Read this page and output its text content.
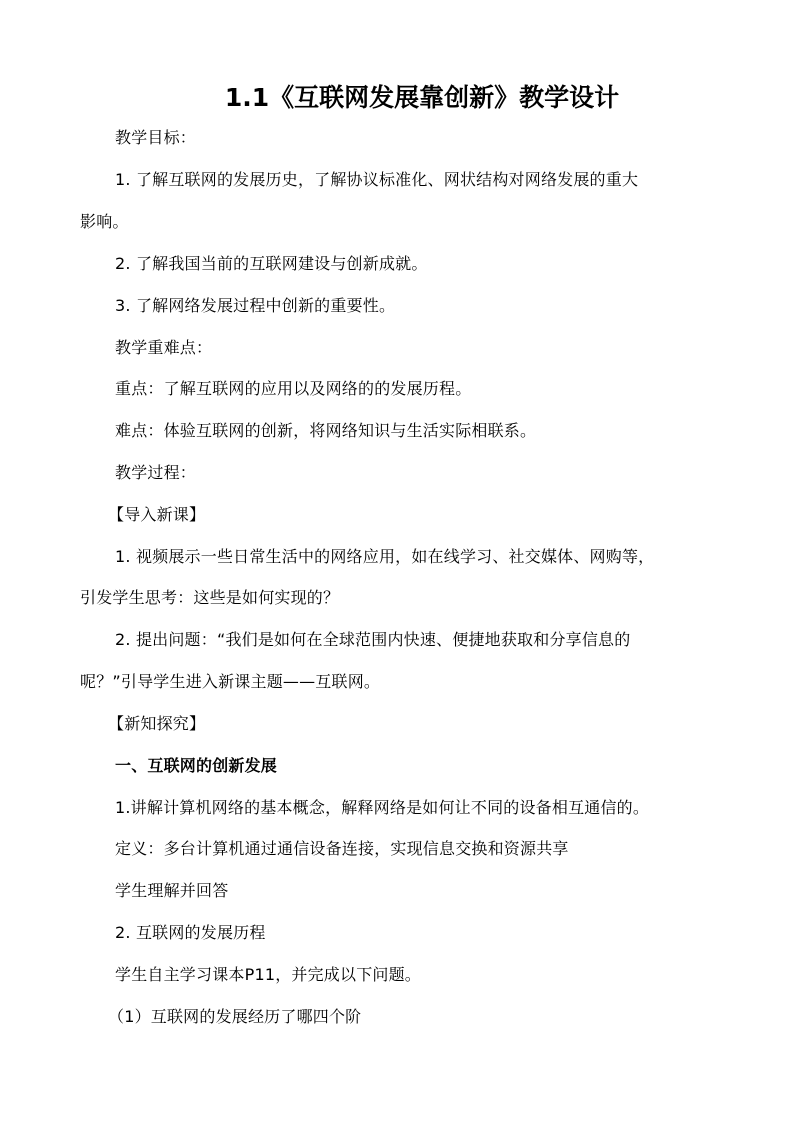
1.1《互联网发展靠创新》教学设计
教学目标：
1. 了解互联网的发展历史，了解协议标准化、网状结构对网络发展的重大
影响。
2. 了解我国当前的互联网建设与创新成就。
3. 了解网络发展过程中创新的重要性。
教学重难点：
重点：了解互联网的应用以及网络的的发展历程。
难点：体验互联网的创新，将网络知识与生活实际相联系。
教学过程：
【导入新课】
1. 视频展示一些日常生活中的网络应用，如在线学习、社交媒体、网购等，
引发学生思考：这些是如何实现的？
2. 提出问题：“我们是如何在全球范围内快速、便捷地获取和分享信息的
呢？”引导学生进入新课主题——互联网。
【新知探究】
一、互联网的创新发展
1.讲解计算机网络的基本概念，解释网络是如何让不同的设备相互通信的。
定义：多台计算机通过通信设备连接，实现信息交换和资源共享
学生理解并回答
2. 互联网的发展历程
学生自主学习课本P11，并完成以下问题。
（1）互联网的发展经历了哪四个阶
